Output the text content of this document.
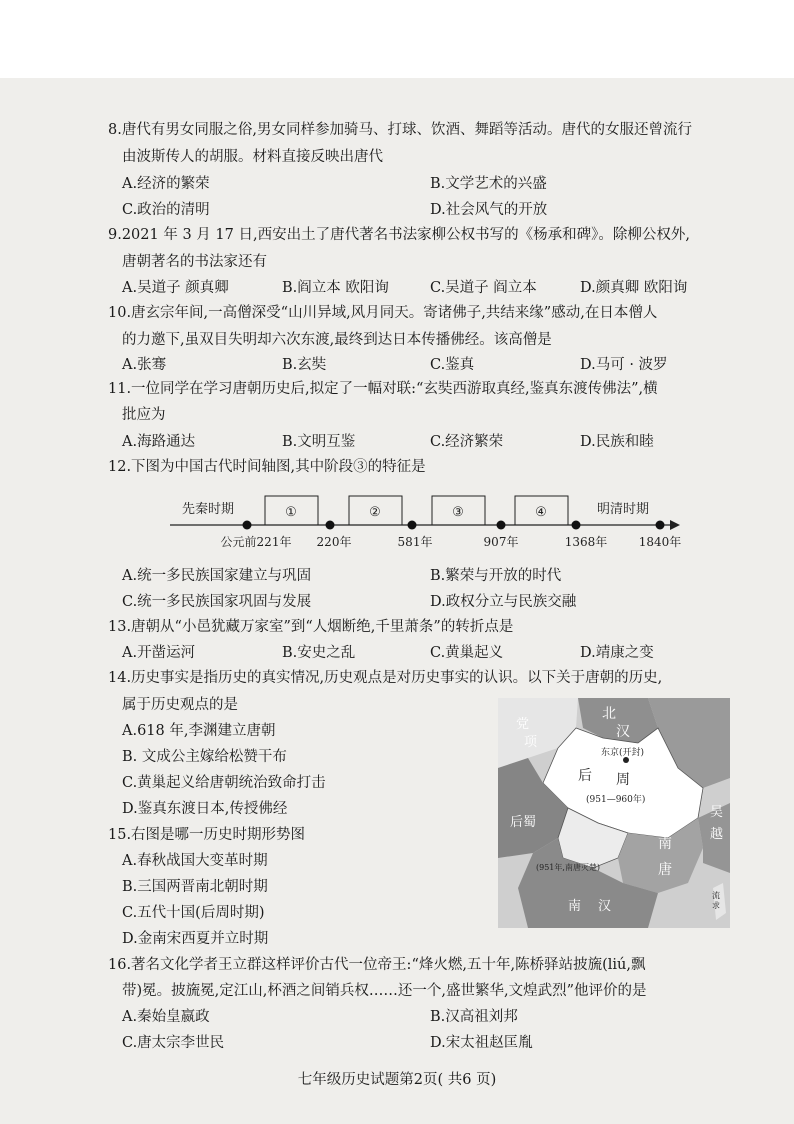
8.唐代有男女同服之俗,男女同样参加骑马、打球、饮酒、舞蹈等活动。唐代的女服还曾流行
由波斯传人的胡服。材料直接反映出唐代
A.经济的繁荣	B.文学艺术的兴盛
C.政治的清明	D.社会风气的开放
9.2021 年 3 月 17 日,西安出土了唐代著名书法家柳公权书写的《杨承和碑》。除柳公权外,
唐朝著名的书法家还有
A.吴道子 颜真卿	B.阎立本 欧阳询	C.吴道子 阎立本	D.颜真卿 欧阳询
10.唐玄宗年间,一高僧深受“山川异域,风月同天。寄诸佛子,共结来缘”感动,在日本僧人
的力邀下,虽双目失明却六次东渡,最终到达日本传播佛经。该高僧是
A.张骞	B.玄奘	C.鉴真	D.马可 · 波罗
11.一位同学在学习唐朝历史后,拟定了一幅对联:“玄奘西游取真经,鉴真东渡传佛法”,横
批应为
A.海路通达	B.文明互鉴	C.经济繁荣	D.民族和睦
12.下图为中国古代时间轴图,其中阶段③的特征是
先秦时期	明清时期
①	②	③	④
公元前221年 220年	581年	907年	1368年	1840年
A.统一多民族国家建立与巩固	B.繁荣与开放的时代
C.统一多民族国家巩固与发展	D.政权分立与民族交融
13.唐朝从“小邑犹藏万家室”到“人烟断绝,千里萧条”的转折点是
A.开凿运河	B.安史之乱	C.黄巢起义	D.靖康之变
14.历史事实是指历史的真实情况,历史观点是对历史事实的认识。以下关于唐朝的历史,
属于历史观点的是
A.618 年,李渊建立唐朝
B. 文成公主嫁给松赞干布
C.黄巢起义给唐朝统治致命打击
D.鉴真东渡日本,传授佛经
15.右图是哪一历史时期形势图
A.春秋战国大变革时期
B.三国两晋南北朝时期
C.五代十国(后周时期)
D.金南宋西夏并立时期
党
项
北
汉
东京(开封)
后 周
(951—960年)
后蜀
南
唐
吴
越
(951年,南唐灭楚)
南 汉
流
求
16.著名文化学者王立群这样评价古代一位帝王:“烽火燃,五十年,陈桥驿站披旒(liú,飘
带)冕。披旒冕,定江山,杯酒之间销兵权……还一个,盛世繁华,文煌武烈”他评价的是
A.秦始皇嬴政	B.汉高祖刘邦
C.唐太宗李世民	D.宋太祖赵匡胤
七年级历史试题第2页( 共6 页)
